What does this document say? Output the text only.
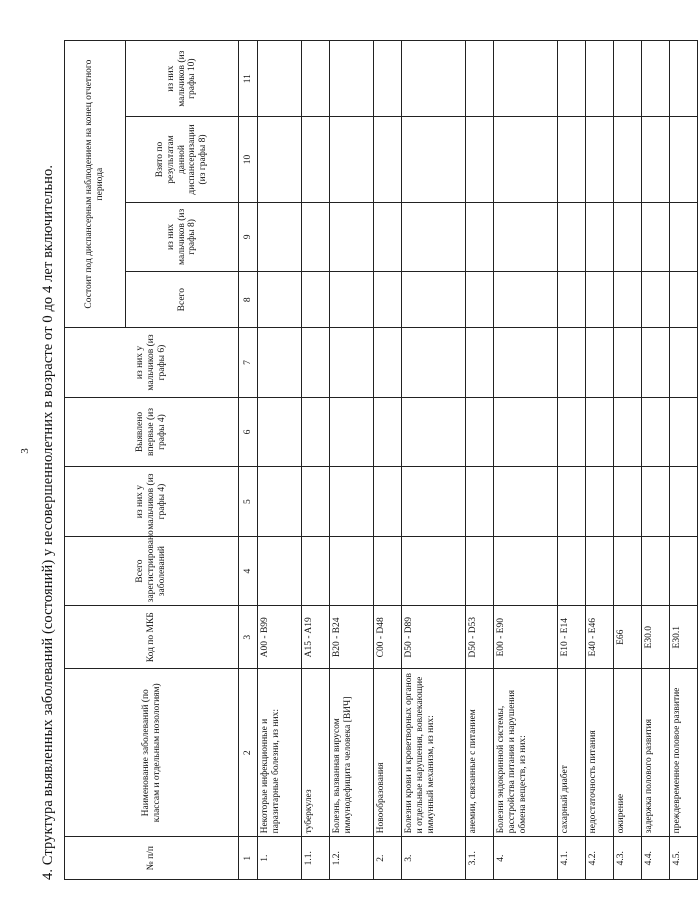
3 4. Структура выявленных заболеваний (состояний) у несовершеннолетних в возрасте от 0 до 4 лет включительно.	№ п/п	Наименование заболеваний (по классам и отдельным нозологиям)	Код по МКБ	Всего зарегистрировано заболеваний	из них у мальчиков (из графы 4)	Выявлено впервые (из графы 4)	из них у мальчиков (из графы 6)	Состоит под диспансерным наблюдением на конец отчетного периода			
							Всего	из них мальчиков (из графы 8)	Взято по результатам данной диспансеризации (из графы 8)	из них мальчиков (из графы 10)
1	2	3	4	5	6	7	8	9	10	11
1.	Некоторые инфекционные и паразитарные болезни, из них:	A00 - B99								
1.1.	туберкулез	A15 - A19								
1.2.	Болезнь, вызванная вирусом иммунодефицита человека [ВИЧ]	B20 - B24								
2.	Новообразования	C00 - D48								
3.	Болезни крови и кроветворных органов и отдельные нарушения, вовлекающие иммунный механизм, из них:	D50 - D89								
3.1.	анемии, связанные с питанием	D50 - D53								
4.	Болезни эндокринной системы, расстройства питания и нарушения обмена веществ, из них:	E00 - E90								
4.1.	сахарный диабет	E10 - E14								
4.2.	недостаточность питания	E40 - E46								
4.3.	ожирение	E66								
4.4.	задержка полового развития	E30.0								
4.5.	преждевременное половое развитие	E30.1								
